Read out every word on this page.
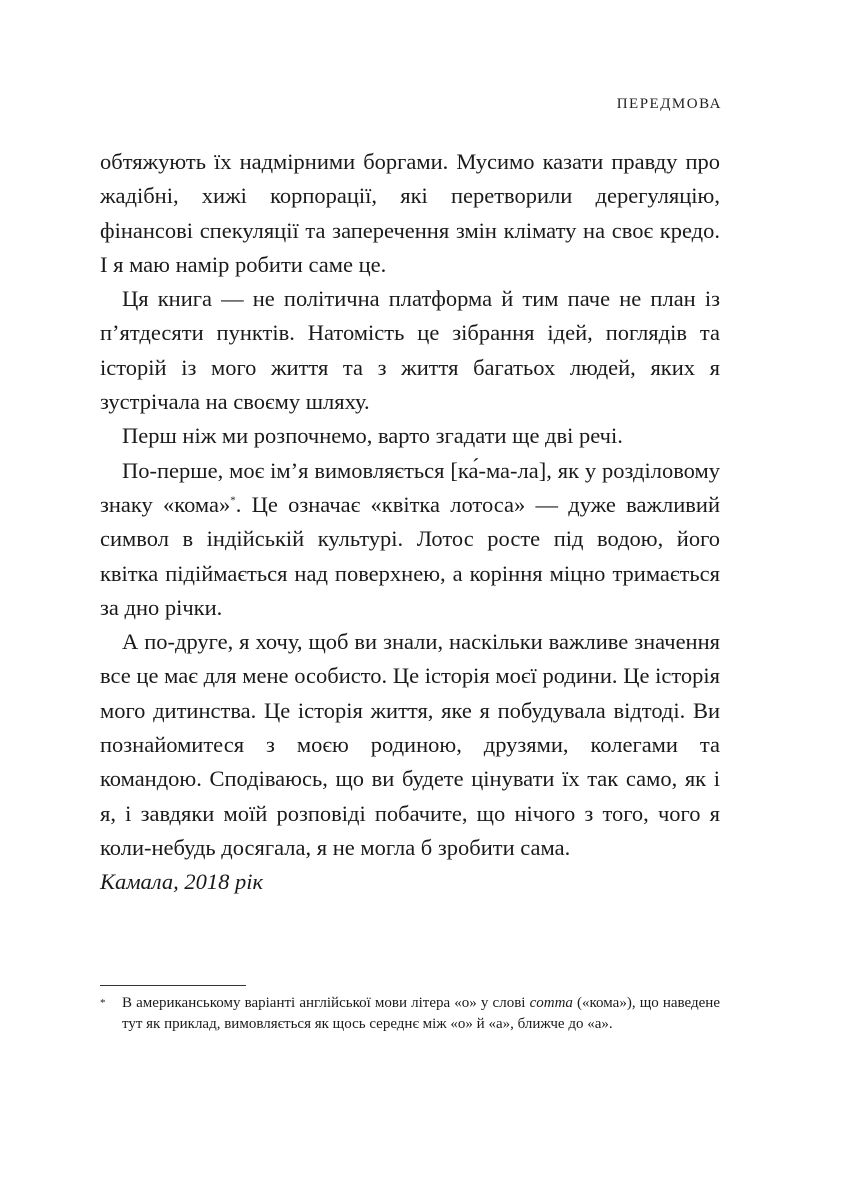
ПЕРЕДМОВА

обтяжують їх надмірними боргами. Мусимо казати правду про жадібні, хижі корпорації, які перетворили дерегуляцію, фінансові спекуляції та заперечення змін клімату на своє кредо. І я маю намір робити саме це.

Ця книга — не політична платформа й тим паче не план із п’ятдесяти пунктів. Натомість це зібрання ідей, поглядів та історій із мого життя та з життя багатьох людей, яких я зустрічала на своєму шляху.

Перш ніж ми розпочнемо, варто згадати ще дві речі.

По-перше, моє ім’я вимовляється [ка́-ма-ла], як у розділовому знаку «кома»*. Це означає «квітка лотоса» — дуже важливий символ в індійській культурі. Лотос росте під водою, його квітка підіймається над поверхнею, а коріння міцно тримається за дно річки.

А по-друге, я хочу, щоб ви знали, наскільки важливе значення все це має для мене особисто. Це історія моєї родини. Це історія мого дитинства. Це історія життя, яке я побудувала відтоді. Ви познайомитеся з моєю родиною, друзями, колегами та командою. Сподіваюсь, що ви будете цінувати їх так само, як і я, і завдяки моїй розповіді побачите, що нічого з того, чого я коли-небудь досягала, я не могла б зробити сама.

Камала, 2018 рік

* В американському варіанті англійської мови літера «o» у слові comma («кома»), що наведене тут як приклад, вимовляється як щось середнє між «o» й «a», ближче до «a».
